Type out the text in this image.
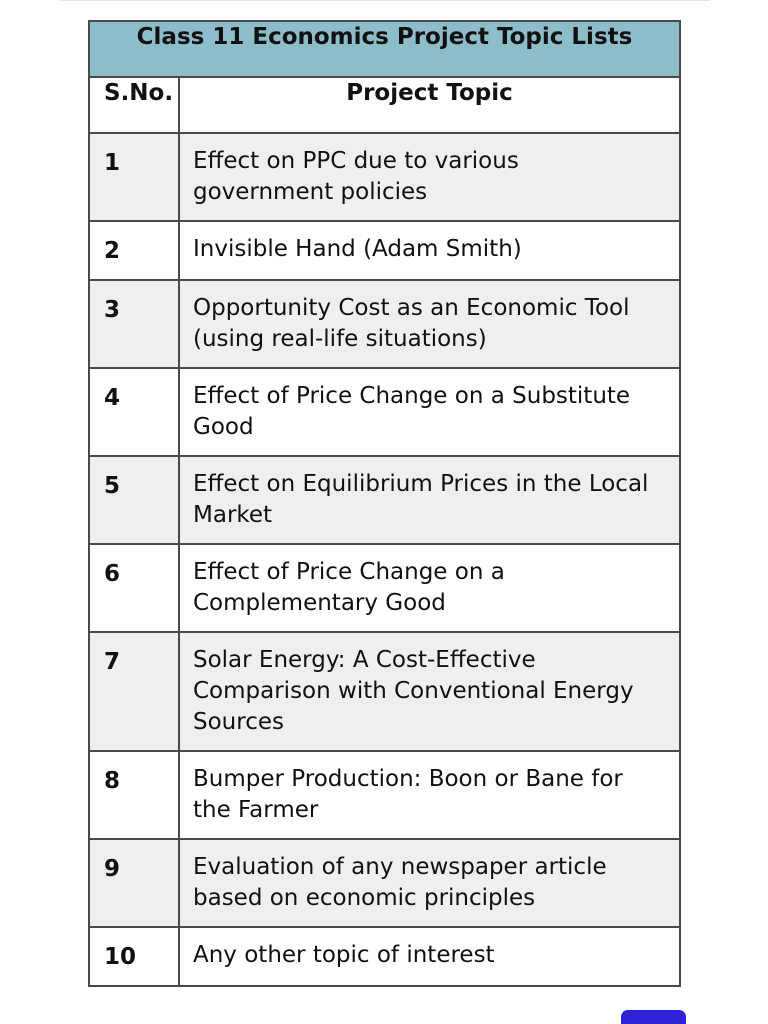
Class 11 Economics Project Topic Lists	
S.No.	Project Topic
1	Effect on PPC due to various government policies
2	Invisible Hand (Adam Smith)
3	Opportunity Cost as an Economic Tool (using real-life situations)
4	Effect of Price Change on a Substitute Good
5	Effect on Equilibrium Prices in the Local Market
6	Effect of Price Change on a Complementary Good
7	Solar Energy: A Cost-Effective Comparison with Conventional Energy Sources
8	Bumper Production: Boon or Bane for the Farmer
9	Evaluation of any newspaper article based on economic principles
10	Any other topic of interest
